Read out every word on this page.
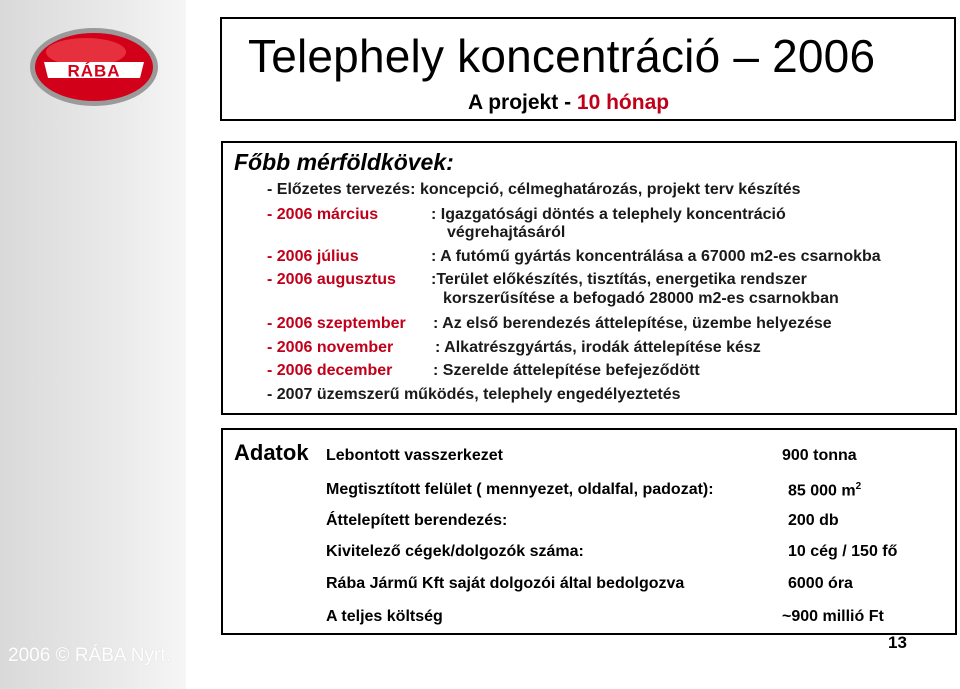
RÁBA
2006 © RÁBA Nyrt.
Telephely koncentráció – 2006
A projekt - 10 hónap
Főbb mérföldkövek:
- Előzetes tervezés: koncepció, célmeghatározás, projekt terv készítés
- 2006 március	: Igazgatósági döntés a telephely koncentráció
végrehajtásáról
- 2006 július	: A futómű gyártás koncentrálása a 67000 m2-es csarnokba
- 2006 augusztus :Terület előkészítés, tisztítás, energetika rendszer
korszerűsítése a befogadó 28000 m2-es csarnokban
- 2006 szeptember : Az első berendezés áttelepítése, üzembe helyezése
- 2006 november	: Alkatrészgyártás, irodák áttelepítése kész
- 2006 december	: Szerelde áttelepítése befejeződött
- 2007 üzemszerű működés, telephely engedélyeztetés
Adatok Lebontott vasszerkezet	900 tonna
Megtisztított felület ( mennyezet, oldalfal, padozat):	85 000 $m^2$
Áttelepített berendezés:	200 db
Kivitelező cégek/dolgozók száma:	10 cég / 150 fő
Rába Jármű Kft saját dolgozói által bedolgozva	6000 óra
A teljes költség	~900 millió Ft
13
